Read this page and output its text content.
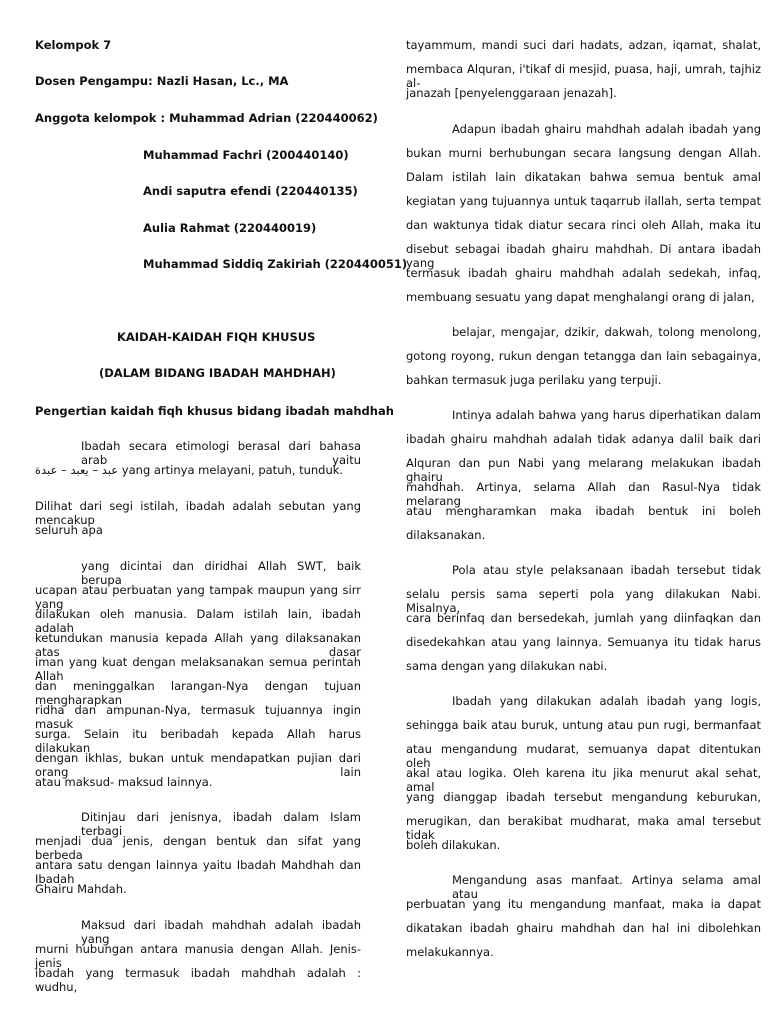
Kelompok 7
Dosen Pengampu: Nazli Hasan, Lc., MA
Anggota kelompok : Muhammad Adrian (220440062)
Muhammad Fachri (200440140)
Andi saputra efendi (220440135)
Aulia Rahmat (220440019)
Muhammad Siddiq Zakiriah (220440051)
KAIDAH-KAIDAH FIQH KHUSUS
(DALAM BIDANG IBADAH MAHDHAH)
Pengertian kaidah fiqh khusus bidang ibadah mahdhah
Ibadah secara etimologi berasal dari bahasa arab yaitu
عبد – يعبد – عبدة yang artinya melayani, patuh, tunduk.
Dilihat dari segi istilah, ibadah adalah sebutan yang mencakup
seluruh apa
yang dicintai dan diridhai Allah SWT, baik berupa
ucapan atau perbuatan yang tampak maupun yang sirr yang
dilakukan oleh manusia. Dalam istilah lain, ibadah adalah
ketundukan manusia kepada Allah yang dilaksanakan atas dasar
iman yang kuat dengan melaksanakan semua perintah Allah
dan meninggalkan larangan-Nya dengan tujuan mengharapkan
ridha dan ampunan-Nya, termasuk tujuannya ingin masuk
surga. Selain itu beribadah kepada Allah harus dilakukan
dengan ikhlas, bukan untuk mendapatkan pujian dari orang lain
atau maksud- maksud lainnya.
Ditinjau dari jenisnya, ibadah dalam Islam terbagi
menjadi dua jenis, dengan bentuk dan sifat yang berbeda
antara satu dengan lainnya yaitu Ibadah Mahdhah dan Ibadah
Ghairu Mahdah.
Maksud dari ibadah mahdhah adalah ibadah yang
murni hubungan antara manusia dengan Allah. Jenis-jenis
ibadah yang termasuk ibadah mahdhah adalah : wudhu,
tayammum, mandi suci dari hadats, adzan, iqamat, shalat,
membaca Alquran, i'tikaf di mesjid, puasa, haji, umrah, tajhiz al-
janazah [penyelenggaraan jenazah].
Adapun ibadah ghairu mahdhah adalah ibadah yang
bukan murni berhubungan secara langsung dengan Allah.
Dalam istilah lain dikatakan bahwa semua bentuk amal
kegiatan yang tujuannya untuk taqarrub ilallah, serta tempat
dan waktunya tidak diatur secara rinci oleh Allah, maka itu
disebut sebagai ibadah ghairu mahdhah. Di antara ibadah yang
termasuk ibadah ghairu mahdhah adalah sedekah, infaq,
membuang sesuatu yang dapat menghalangi orang di jalan,
belajar, mengajar, dzikir, dakwah, tolong menolong,
gotong royong, rukun dengan tetangga dan lain sebagainya,
bahkan termasuk juga perilaku yang terpuji.
Intinya adalah bahwa yang harus diperhatikan dalam
ibadah ghairu mahdhah adalah tidak adanya dalil baik dari
Alquran dan pun Nabi yang melarang melakukan ibadah ghairu
mahdhah. Artinya, selama Allah dan Rasul-Nya tidak melarang
atau mengharamkan maka ibadah bentuk ini boleh
dilaksanakan.
Pola atau style pelaksanaan ibadah tersebut tidak
selalu persis sama seperti pola yang dilakukan Nabi. Misalnya,
cara berinfaq dan bersedekah, jumlah yang diinfaqkan dan
disedekahkan atau yang lainnya. Semuanya itu tidak harus
sama dengan yang dilakukan nabi.
Ibadah yang dilakukan adalah ibadah yang logis,
sehingga baik atau buruk, untung atau pun rugi, bermanfaat
atau mengandung mudarat, semuanya dapat ditentukan oleh
akal atau logika. Oleh karena itu jika menurut akal sehat, amal
yang dianggap ibadah tersebut mengandung keburukan,
merugikan, dan berakibat mudharat, maka amal tersebut tidak
boleh dilakukan.
Mengandung asas manfaat. Artinya selama amal atau
perbuatan yang itu mengandung manfaat, maka ia dapat
dikatakan ibadah ghairu mahdhah dan hal ini dibolehkan
melakukannya.
